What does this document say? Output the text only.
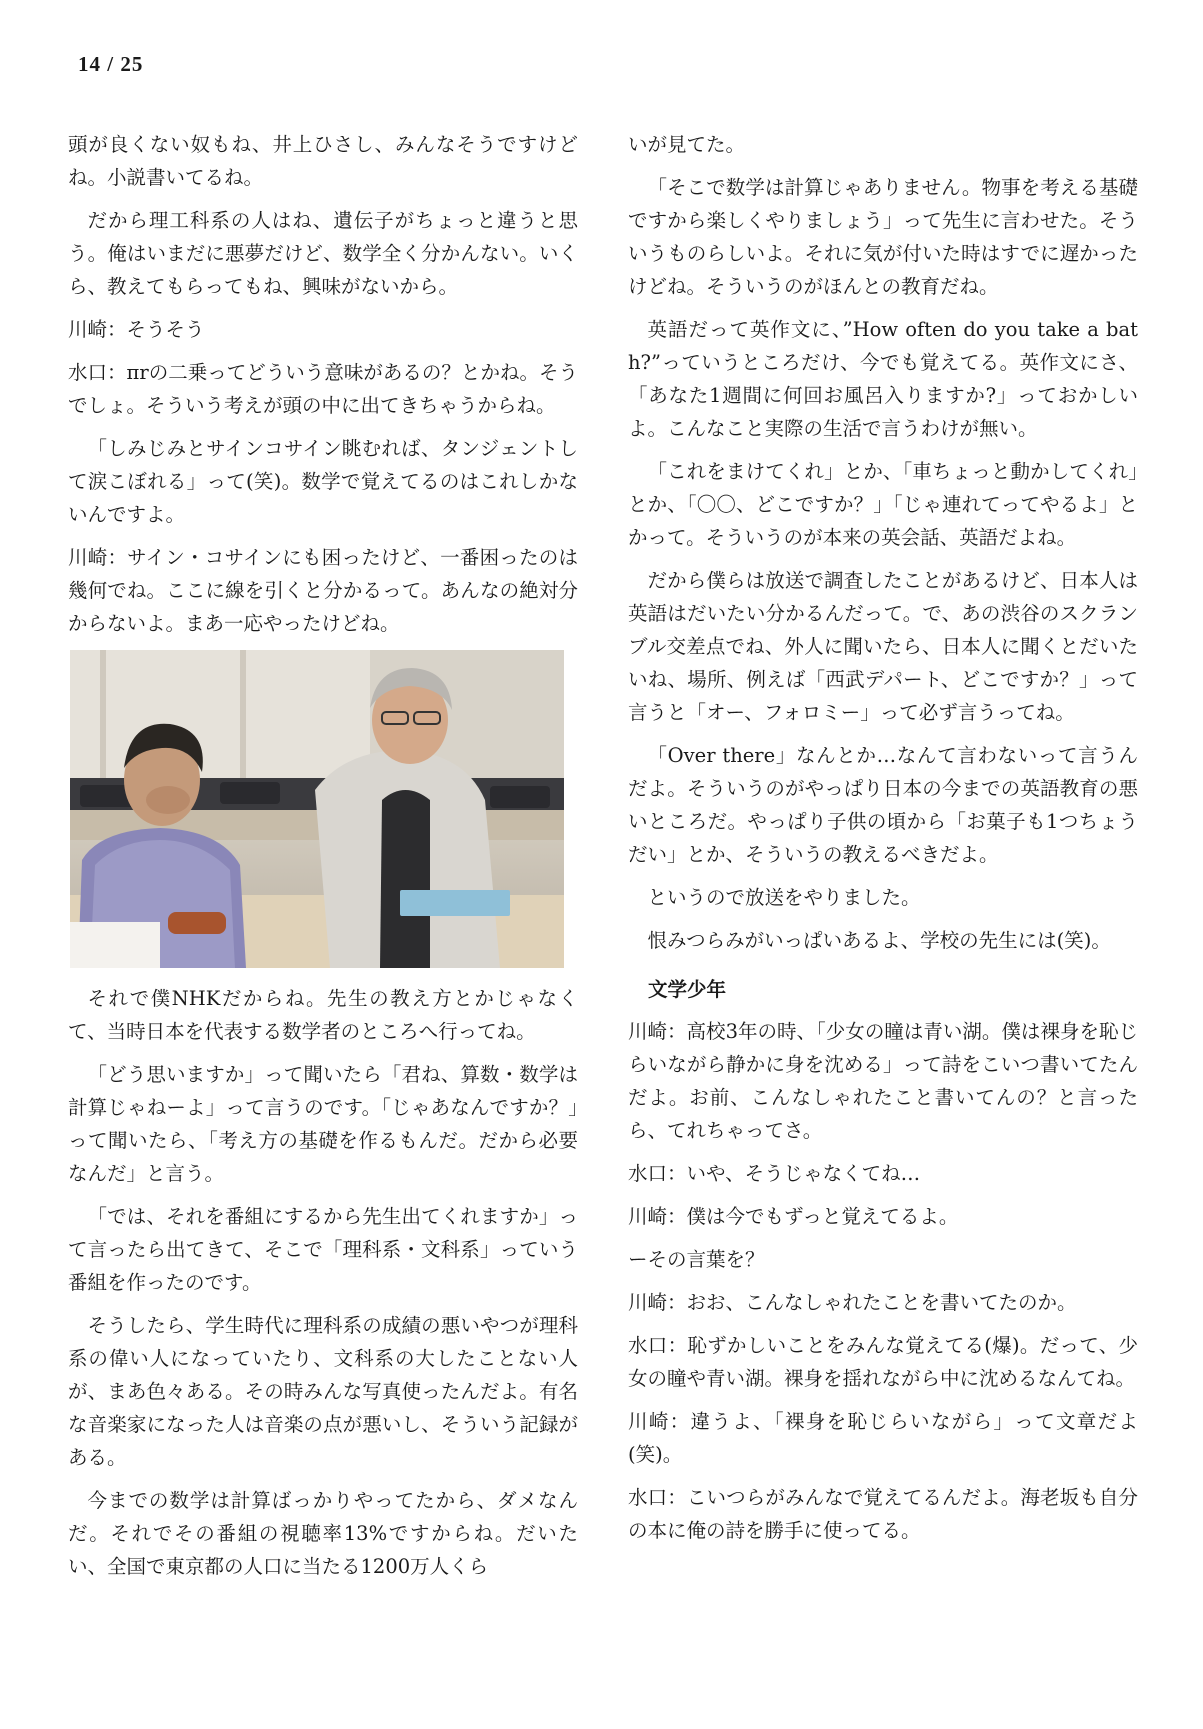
14 / 25

頭が良くない奴もね、井上ひさし、みんなそうですけどね。小説書いてるね。

だから理工科系の人はね、遺伝子がちょっと違うと思う。俺はいまだに悪夢だけど、数学全く分かんない。いくら、教えてもらってもね、興味がないから。

川崎：そうそう

水口：πrの二乗ってどういう意味があるの？とかね。そうでしょ。そういう考えが頭の中に出てきちゃうからね。

「しみじみとサインコサイン眺むれば、タンジェントして涙こぼれる」って(笑)。数学で覚えてるのはこれしかないんですよ。

川崎：サイン・コサインにも困ったけど、一番困ったのは幾何でね。ここに線を引くと分かるって。あんなの絶対分からないよ。まあ一応やったけどね。

それで僕NHKだからね。先生の教え方とかじゃなくて、当時日本を代表する数学者のところへ行ってね。

「どう思いますか」って聞いたら「君ね、算数・数学は計算じゃねーよ」って言うのです。「じゃあなんですか？」って聞いたら、「考え方の基礎を作るもんだ。だから必要なんだ」と言う。

「では、それを番組にするから先生出てくれますか」って言ったら出てきて、そこで「理科系・文科系」っていう番組を作ったのです。

そうしたら、学生時代に理科系の成績の悪いやつが理科系の偉い人になっていたり、文科系の大したことない人が、まあ色々ある。その時みんな写真使ったんだよ。有名な音楽家になった人は音楽の点が悪いし、そういう記録がある。

今までの数学は計算ばっかりやってたから、ダメなんだ。それでその番組の視聴率13%ですからね。だいたい、全国で東京都の人口に当たる1200万人くら

いが見てた。

「そこで数学は計算じゃありません。物事を考える基礎ですから楽しくやりましょう」って先生に言わせた。そういうものらしいよ。それに気が付いた時はすでに遅かったけどね。そういうのがほんとの教育だね。

英語だって英作文に、”How often do you take a bath?”っていうところだけ、今でも覚えてる。英作文にさ、「あなた1週間に何回お風呂入りますか?」っておかしいよ。こんなこと実際の生活で言うわけが無い。

「これをまけてくれ」とか、「車ちょっと動かしてくれ」とか、「〇〇、どこですか？」「じゃ連れてってやるよ」とかって。そういうのが本来の英会話、英語だよね。

だから僕らは放送で調査したことがあるけど、日本人は英語はだいたい分かるんだって。で、あの渋谷のスクランブル交差点でね、外人に聞いたら、日本人に聞くとだいたいね、場所、例えば「西武デパート、どこですか？」って言うと「オー、フォロミー」って必ず言うってね。

「Over there」なんとか…なんて言わないって言うんだよ。そういうのがやっぱり日本の今までの英語教育の悪いところだ。やっぱり子供の頃から「お菓子も1つちょうだい」とか、そういうの教えるべきだよ。

というので放送をやりました。

恨みつらみがいっぱいあるよ、学校の先生には(笑)。

文学少年

川崎：高校3年の時、「少女の瞳は青い湖。僕は裸身を恥じらいながら静かに身を沈める」って詩をこいつ書いてたんだよ。お前、こんなしゃれたこと書いてんの？と言ったら、てれちゃってさ。

水口：いや、そうじゃなくてね…

川崎：僕は今でもずっと覚えてるよ。

ーその言葉を？

川崎：おお、こんなしゃれたことを書いてたのか。

水口：恥ずかしいことをみんな覚えてる(爆)。だって、少女の瞳や青い湖。裸身を揺れながら中に沈めるなんてね。

川崎：違うよ、「裸身を恥じらいながら」って文章だよ(笑)。

水口：こいつらがみんなで覚えてるんだよ。海老坂も自分の本に俺の詩を勝手に使ってる。
